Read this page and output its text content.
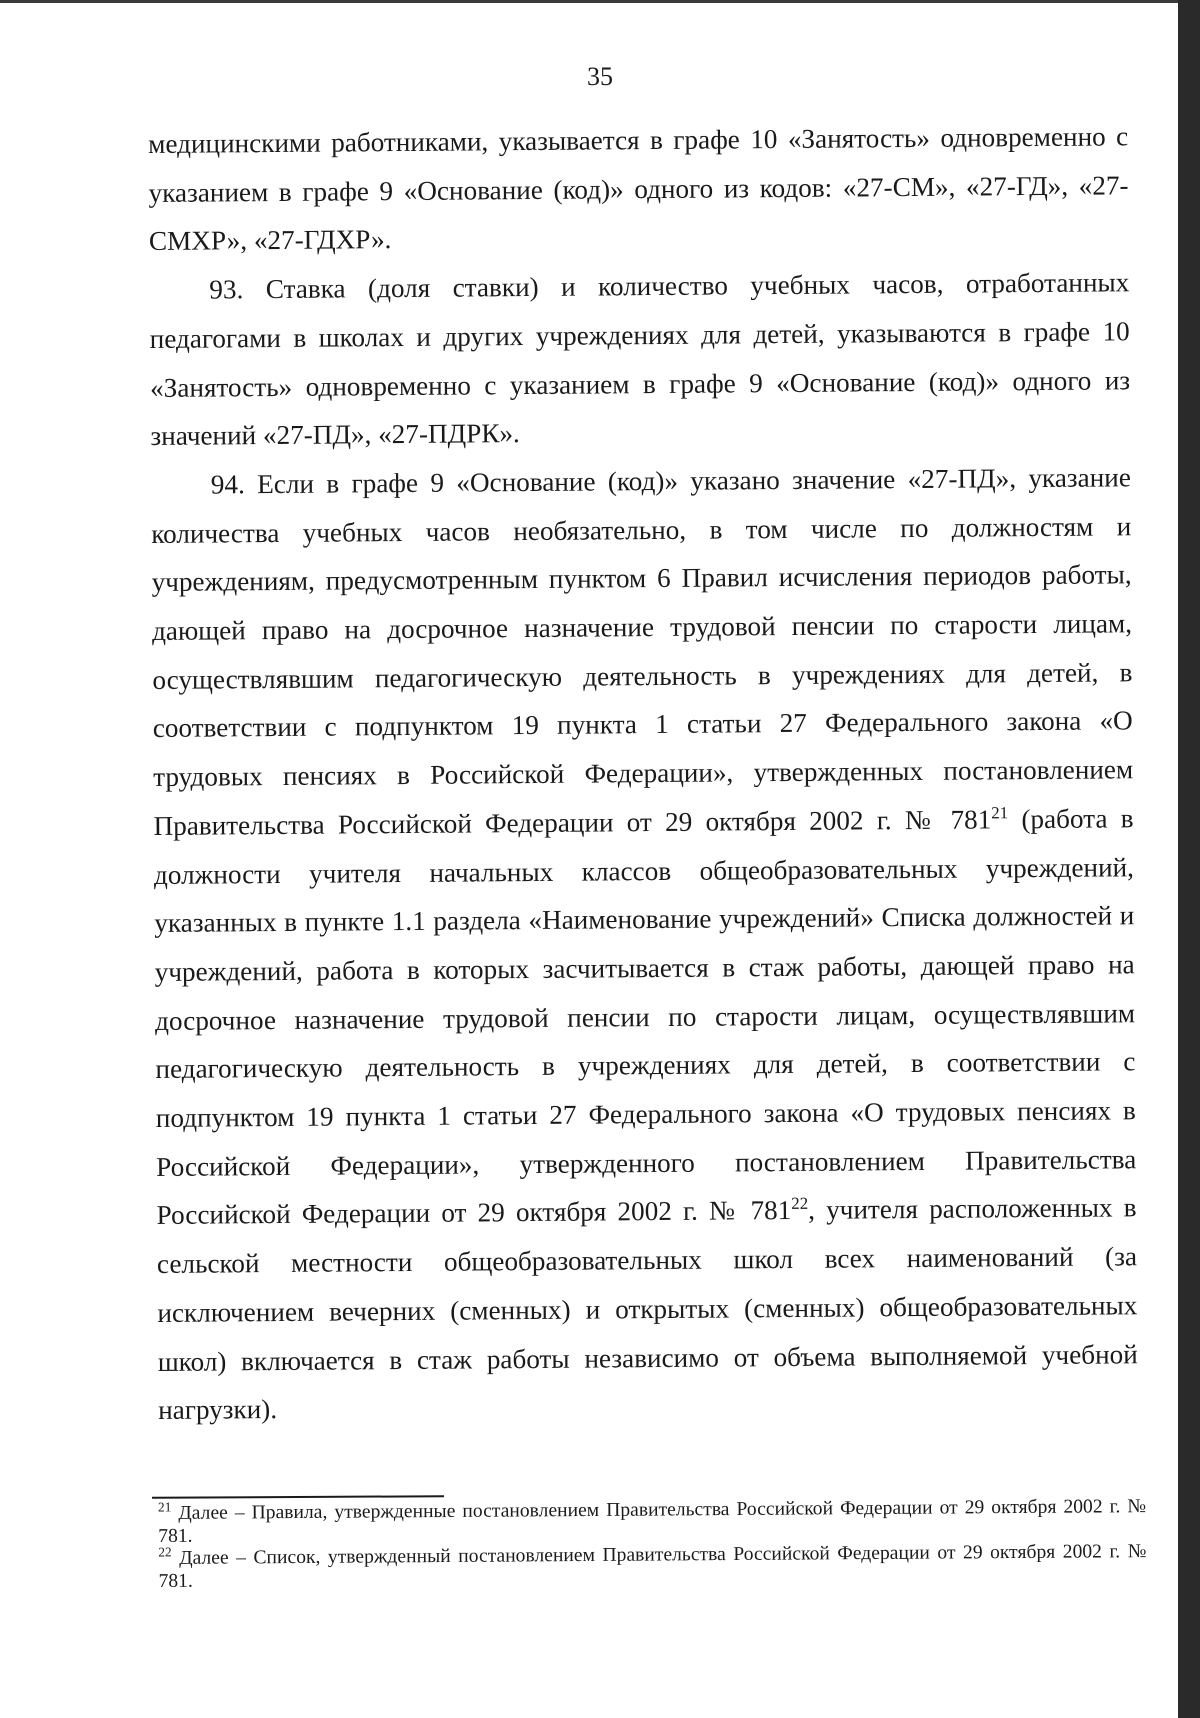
35

медицинскими работниками, указывается в графе 10 «Занятость» одновременно с указанием в графе 9 «Основание (код)» одного из кодов: «27-СМ», «27-ГД», «27-СМХР», «27-ГДХР».

93. Ставка (доля ставки) и количество учебных часов, отработанных педагогами в школах и других учреждениях для детей, указываются в графе 10 «Занятость» одновременно с указанием в графе 9 «Основание (код)» одного из значений «27-ПД», «27-ПДРК».

94. Если в графе 9 «Основание (код)» указано значение «27-ПД», указание количества учебных часов необязательно, в том числе по должностям и учреждениям, предусмотренным пунктом 6 Правил исчисления периодов работы, дающей право на досрочное назначение трудовой пенсии по старости лицам, осуществлявшим педагогическую деятельность в учреждениях для детей, в соответствии с подпунктом 19 пункта 1 статьи 27 Федерального закона «О трудовых пенсиях в Российской Федерации», утвержденных постановлением Правительства Российской Федерации от 29 октября 2002 г. № $781^{21}$ (работа в должности учителя начальных классов общеобразовательных учреждений, указанных в пункте 1.1 раздела «Наименование учреждений» Списка должностей и учреждений, работа в которых засчитывается в стаж работы, дающей право на досрочное назначение трудовой пенсии по старости лицам, осуществлявшим педагогическую деятельность в учреждениях для детей, в соответствии с подпунктом 19 пункта 1 статьи 27 Федерального закона «О трудовых пенсиях в Российской Федерации», утвержденного постановлением Правительства Российской Федерации от 29 октября 2002 г. № $781^{22}$, учителя расположенных в сельской местности общеобразовательных школ всех наименований (за исключением вечерних (сменных) и открытых (сменных) общеобразовательных школ) включается в стаж работы независимо от объема выполняемой учебной нагрузки).

$^{21}$ Далее – Правила, утвержденные постановлением Правительства Российской Федерации от 29 октября 2002 г. № 781.

$^{22}$ Далее – Список, утвержденный постановлением Правительства Российской Федерации от 29 октября 2002 г. № 781.
